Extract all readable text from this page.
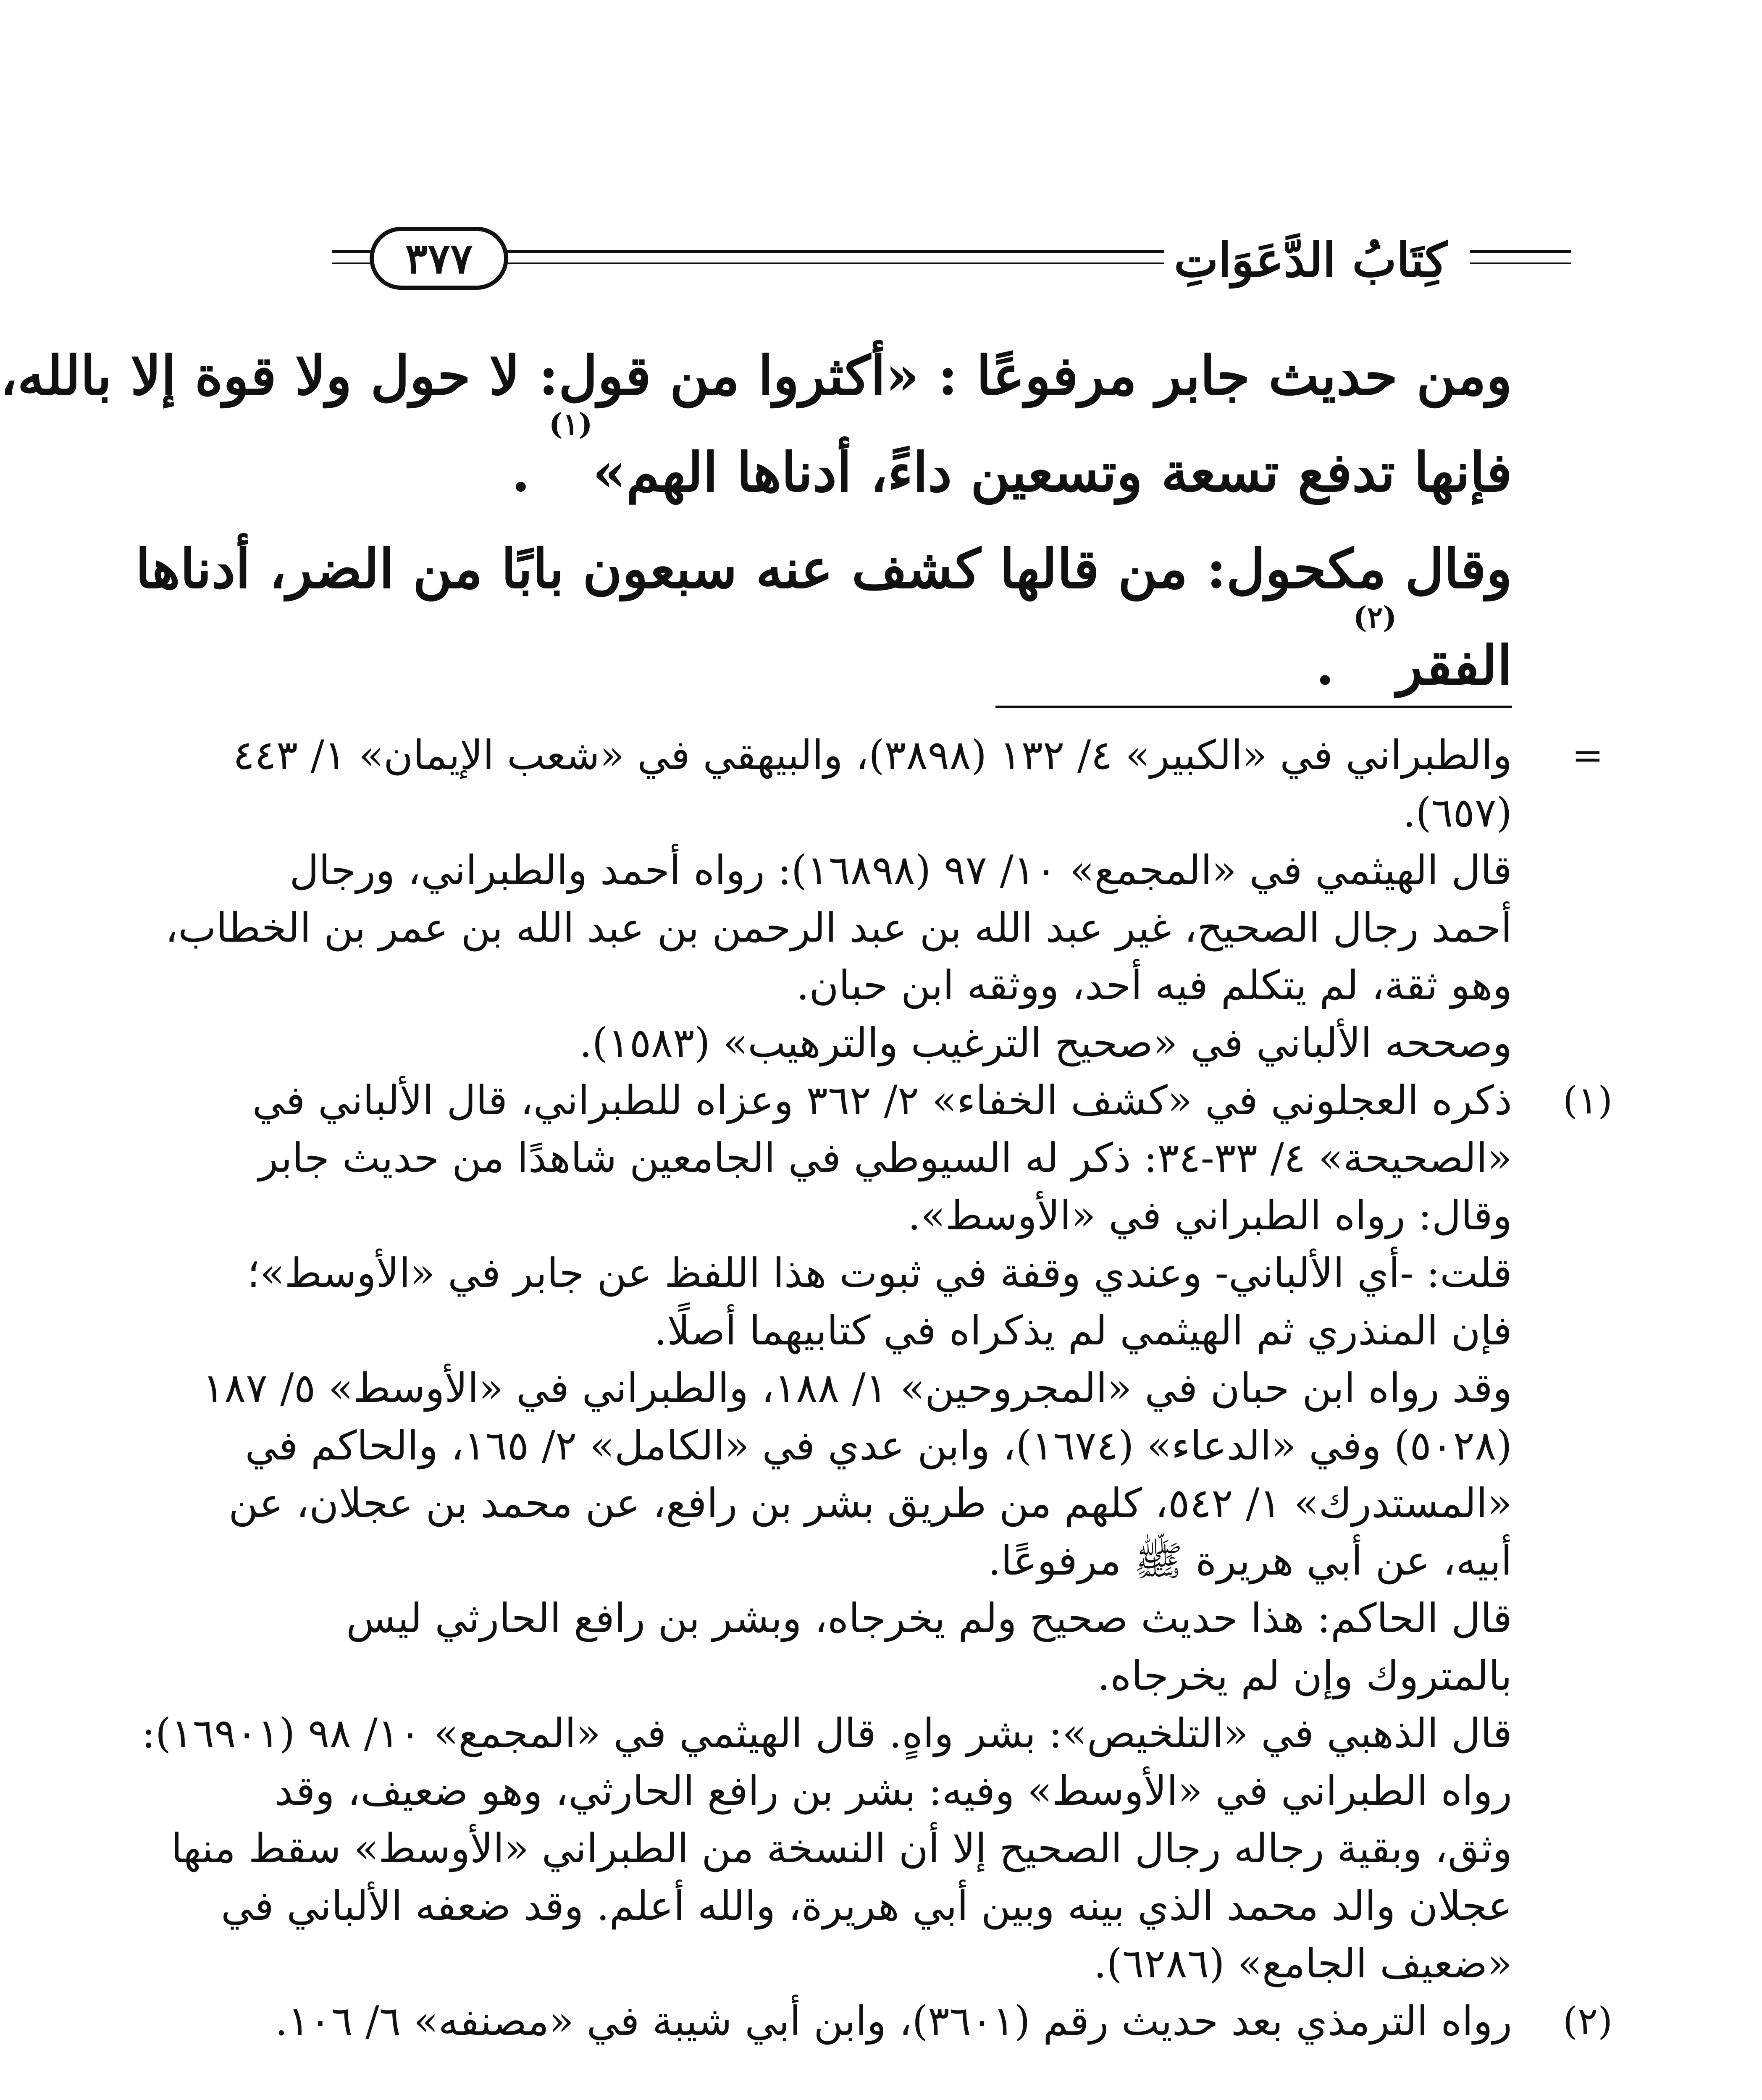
٣٧٧	كِتَابُ الدَّعَوَاتِ

ومن حديث جابر مرفوعًا : «أكثروا من قول: لا حول ولا قوة إلا بالله،
فإنها تدفع تسعة وتسعين داءً، أدناها الهم»$^{(١)}$ .

وقال مكحول: من قالها كشف عنه سبعون بابًا من الضر، أدناها
الفقر$^{(٢)}$ .

=
والطبراني في «الكبير» ٤/ ١٣٢ (٣٨٩٨)، والبيهقي في «شعب الإيمان» ١/ ٤٤٣
(٦٥٧).
قال الهيثمي في «المجمع» ١٠/ ٩٧ (١٦٨٩٨): رواه أحمد والطبراني، ورجال
أحمد رجال الصحيح، غير عبد الله بن عبد الرحمن بن عبد الله بن عمر بن الخطاب،
وهو ثقة، لم يتكلم فيه أحد، ووثقه ابن حبان.
وصححه الألباني في «صحيح الترغيب والترهيب» (١٥٨٣).
(١)
ذكره العجلوني في «كشف الخفاء» ٢/ ٣٦٢ وعزاه للطبراني، قال الألباني في
«الصحيحة» ٤/ ٣٣-٣٤: ذكر له السيوطي في الجامعين شاهدًا من حديث جابر
وقال: رواه الطبراني في «الأوسط».
قلت: -أي الألباني- وعندي وقفة في ثبوت هذا اللفظ عن جابر في «الأوسط»؛
فإن المنذري ثم الهيثمي لم يذكراه في كتابيهما أصلًا.
وقد رواه ابن حبان في «المجروحين» ١/ ١٨٨، والطبراني في «الأوسط» ٥/ ١٨٧
(٥٠٢٨) وفي «الدعاء» (١٦٧٤)، وابن عدي في «الكامل» ٢/ ١٦٥، والحاكم في
«المستدرك» ١/ ٥٤٢، كلهم من طريق بشر بن رافع، عن محمد بن عجلان، عن
أبيه، عن أبي هريرة ﷺ مرفوعًا.
قال الحاكم: هذا حديث صحيح ولم يخرجاه، وبشر بن رافع الحارثي ليس
بالمتروك وإن لم يخرجاه.
قال الذهبي في «التلخيص»: بشر واهٍ. قال الهيثمي في «المجمع» ١٠/ ٩٨ (١٦٩٠١):
رواه الطبراني في «الأوسط» وفيه: بشر بن رافع الحارثي، وهو ضعيف، وقد
وثق، وبقية رجاله رجال الصحيح إلا أن النسخة من الطبراني «الأوسط» سقط منها
عجلان والد محمد الذي بينه وبين أبي هريرة، والله أعلم. وقد ضعفه الألباني في
«ضعيف الجامع» (٦٢٨٦).
(٢)
رواه الترمذي بعد حديث رقم (٣٦٠١)، وابن أبي شيبة في «مصنفه» ٦/ ١٠٦.
